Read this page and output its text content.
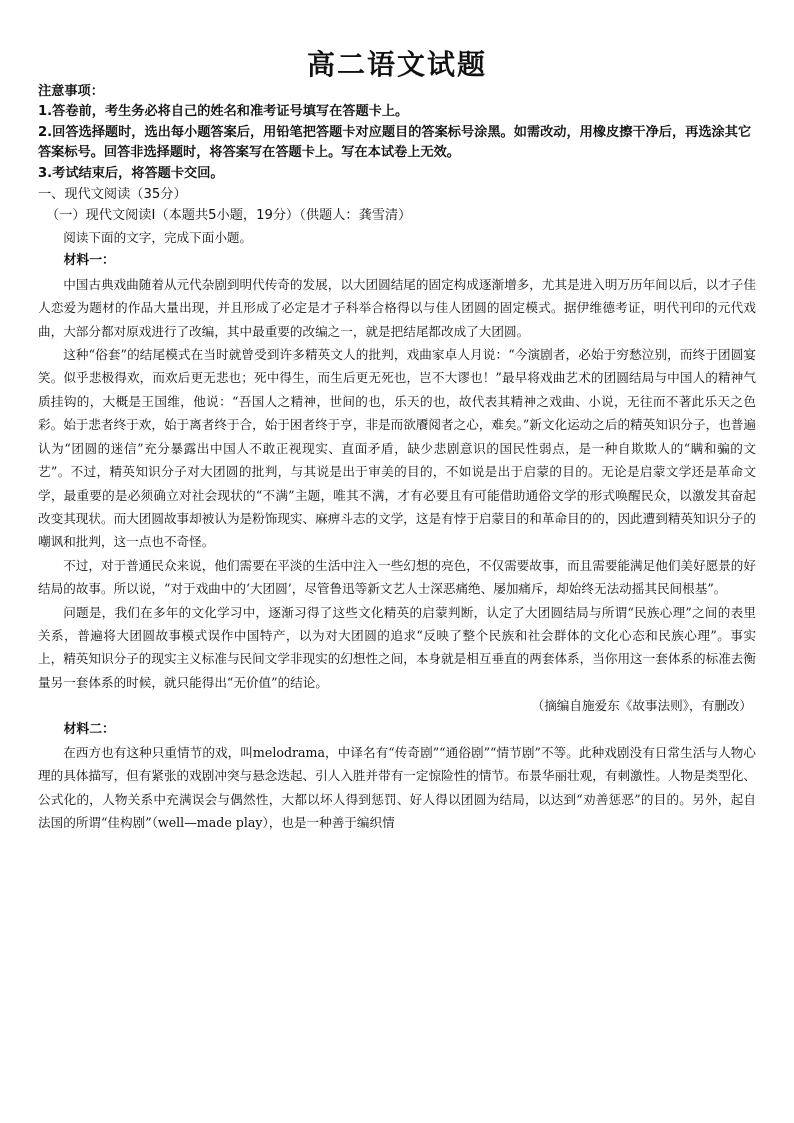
高二语文试题

注意事项：

1.答卷前，考生务必将自己的姓名和准考证号填写在答题卡上。

2.回答选择题时，选出每小题答案后，用铅笔把答题卡对应题目的答案标号涂黑。如需改动，用橡皮擦干净后，再选涂其它答案标号。回答非选择题时，将答案写在答题卡上。写在本试卷上无效。

3.考试结束后，将答题卡交回。

一、现代文阅读（35分）

（一）现代文阅读Ⅰ（本题共5小题，19分）（供题人：龚雪清）

阅读下面的文字，完成下面小题。

材料一：

中国古典戏曲随着从元代杂剧到明代传奇的发展，以大团圆结尾的固定构成逐渐增多，尤其是进入明万历年间以后，以才子佳人恋爱为题材的作品大量出现，并且形成了必定是才子科举合格得以与佳人团圆的固定模式。据伊维德考证，明代刊印的元代戏曲，大部分都对原戏进行了改编，其中最重要的改编之一，就是把结尾都改成了大团圆。

这种“俗套”的结尾模式在当时就曾受到许多精英文人的批判，戏曲家卓人月说：“今演剧者，必始于穷愁泣别，而终于团圆宴笑。似乎悲极得欢，而欢后更无悲也；死中得生，而生后更无死也，岂不大谬也！”最早将戏曲艺术的团圆结局与中国人的精神气质挂钩的，大概是王国维，他说：“吾国人之精神，世间的也，乐天的也，故代表其精神之戏曲、小说，无往而不著此乐天之色彩。始于悲者终于欢，始于离者终于合，始于困者终于亨，非是而欲餍阅者之心，难矣。”新文化运动之后的精英知识分子，也普遍认为“团圆的迷信”充分暴露出中国人不敢正视现实、直面矛盾，缺少悲剧意识的国民性弱点，是一种自欺欺人的“瞒和骗的文艺”。不过，精英知识分子对大团圆的批判，与其说是出于审美的目的，不如说是出于启蒙的目的。无论是启蒙文学还是革命文学，最重要的是必须确立对社会现状的“不满”主题，唯其不满，才有必要且有可能借助通俗文学的形式唤醒民众，以激发其奋起改变其现状。而大团圆故事却被认为是粉饰现实、麻痹斗志的文学，这是有悖于启蒙目的和革命目的的，因此遭到精英知识分子的嘲讽和批判，这一点也不奇怪。

不过，对于普通民众来说，他们需要在平淡的生活中注入一些幻想的亮色，不仅需要故事，而且需要能满足他们美好愿景的好结局的故事。所以说，“对于戏曲中的‘大团圆’，尽管鲁迅等新文艺人士深恶痛绝、屡加痛斥，却始终无法动摇其民间根基”。

问题是，我们在多年的文化学习中，逐渐习得了这些文化精英的启蒙判断，认定了大团圆结局与所谓“民族心理”之间的表里关系，普遍将大团圆故事模式误作中国特产，以为对大团圆的追求“反映了整个民族和社会群体的文化心态和民族心理”。事实上，精英知识分子的现实主义标准与民间文学非现实的幻想性之间，本身就是相互垂直的两套体系，当你用这一套体系的标准去衡量另一套体系的时候，就只能得出“无价值”的结论。

（摘编自施爱东《故事法则》，有删改）

材料二：

在西方也有这种只重情节的戏，叫melodrama，中译名有“传奇剧”“通俗剧”“情节剧”不等。此种戏剧没有日常生活与人物心理的具体描写，但有紧张的戏剧冲突与悬念迭起、引人入胜并带有一定惊险性的情节。布景华丽壮观，有刺激性。人物是类型化、公式化的，人物关系中充满误会与偶然性，大都以坏人得到惩罚、好人得以团圆为结局，以达到“劝善惩恶”的目的。另外，起自法国的所谓“佳构剧”（well—made play），也是一种善于编织情
